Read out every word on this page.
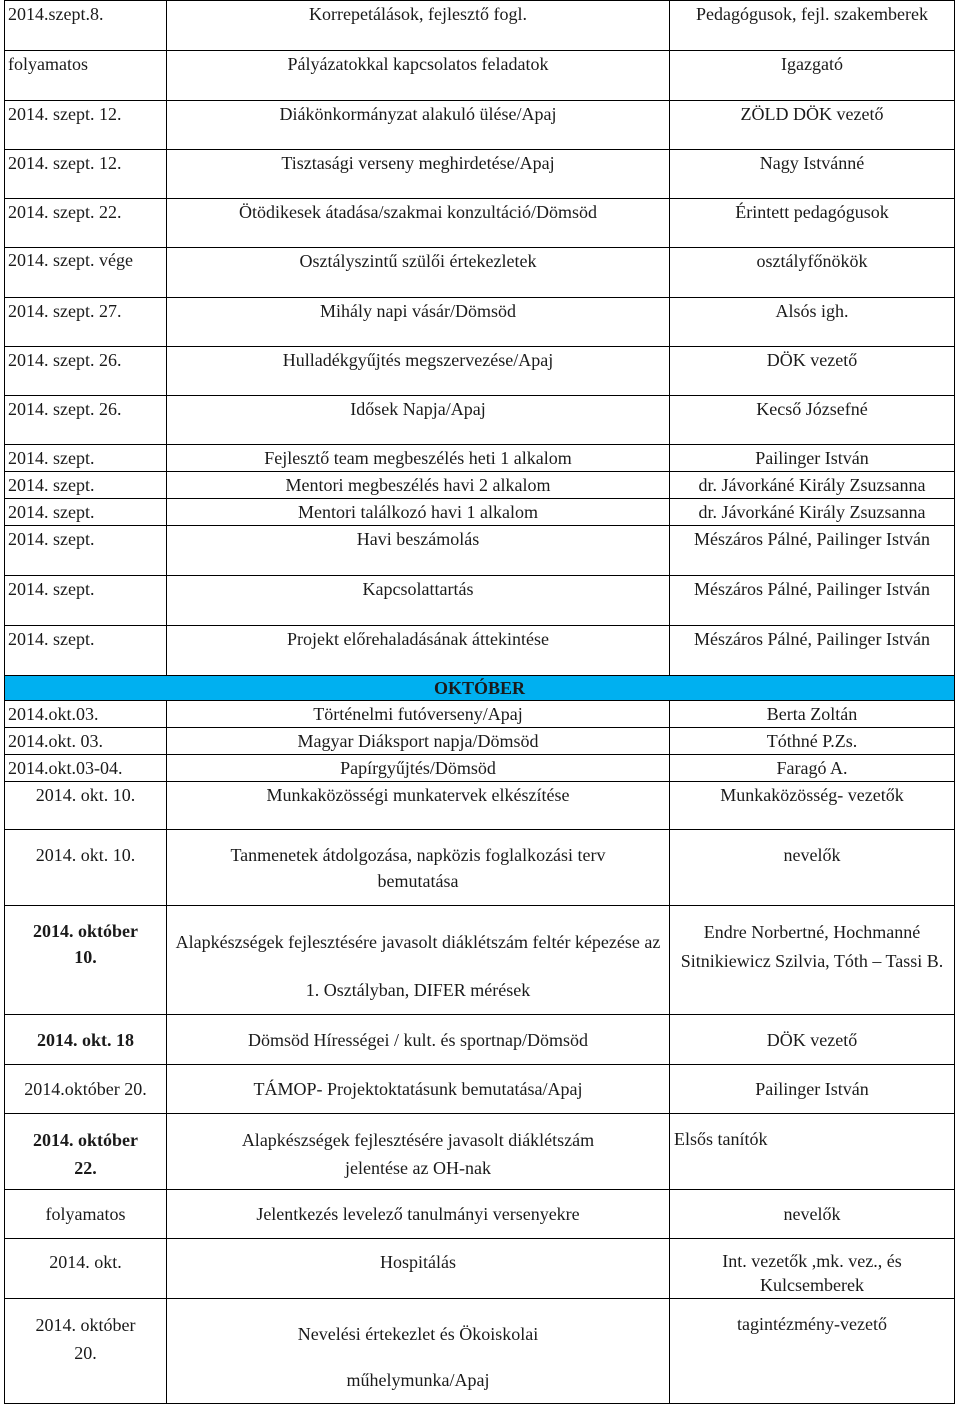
2014.szept.8.	Korrepetálások, fejlesztő fogl.	Pedagógusok, fejl. szakemberek
folyamatos	Pályázatokkal kapcsolatos feladatok	Igazgató
2014. szept. 12.	Diákönkormányzat alakuló ülése/Apaj	ZÖLD DÖK vezető
2014. szept. 12.	Tisztasági verseny meghirdetése/Apaj	Nagy Istvánné
2014. szept. 22.	Ötödikesek átadása/szakmai konzultáció/Dömsöd	Érintett pedagógusok
2014. szept. vége	Osztályszintű szülői értekezletek	osztályfőnökök
2014. szept. 27.	Mihály napi vásár/Dömsöd	Alsós igh.
2014. szept. 26.	Hulladékgyűjtés megszervezése/Apaj	DÖK vezető
2014. szept. 26.	Idősek Napja/Apaj	Kecső Józsefné
2014. szept.	Fejlesztő team megbeszélés heti 1 alkalom	Pailinger István
2014. szept.	Mentori megbeszélés havi 2 alkalom	dr. Jávorkáné Király Zsuzsanna
2014. szept.	Mentori találkozó havi 1 alkalom	dr. Jávorkáné Király Zsuzsanna
2014. szept.	Havi beszámolás	Mészáros Pálné, Pailinger István
2014. szept.	Kapcsolattartás	Mészáros Pálné, Pailinger István
2014. szept.	Projekt előrehaladásának áttekintése	Mészáros Pálné, Pailinger István
OKTÓBER		
2014.okt.03.	Történelmi futóverseny/Apaj	Berta Zoltán
2014.okt. 03.	Magyar Diáksport napja/Dömsöd	Tóthné P.Zs.
2014.okt.03-04.	Papírgyűjtés/Dömsöd	Faragó A.
2014. okt. 10.	Munkaközösségi munkatervek elkészítése	Munkaközösség- vezetők
2014. okt. 10.	Tanmenetek átdolgozása, napközis foglalkozási terv bemutatása	nevelők
2014. október 10.	Alapkészségek fejlesztésére javasolt diáklétszám feltér képezése az 1. Osztályban, DIFER mérések	Endre Norbertné, Hochmanné Sitnikiewicz Szilvia, Tóth – Tassi B.
2014. okt. 18	Dömsöd Hírességei / kult. és sportnap/Dömsöd	DÖK vezető
2014.október 20.	TÁMOP- Projektoktatásunk bemutatása/Apaj	Pailinger István
2014. október 22.	Alapkészségek fejlesztésére javasolt diáklétszám jelentése az OH-nak	Elsős tanítók
folyamatos	Jelentkezés levelező tanulmányi versenyekre	nevelők
2014. okt.	Hospitálás	Int. vezetők ,mk. vez., és Kulcsemberek
2014. október 20.	Nevelési értekezlet és Ökoiskolai műhelymunka/Apaj	tagintézmény-vezető
